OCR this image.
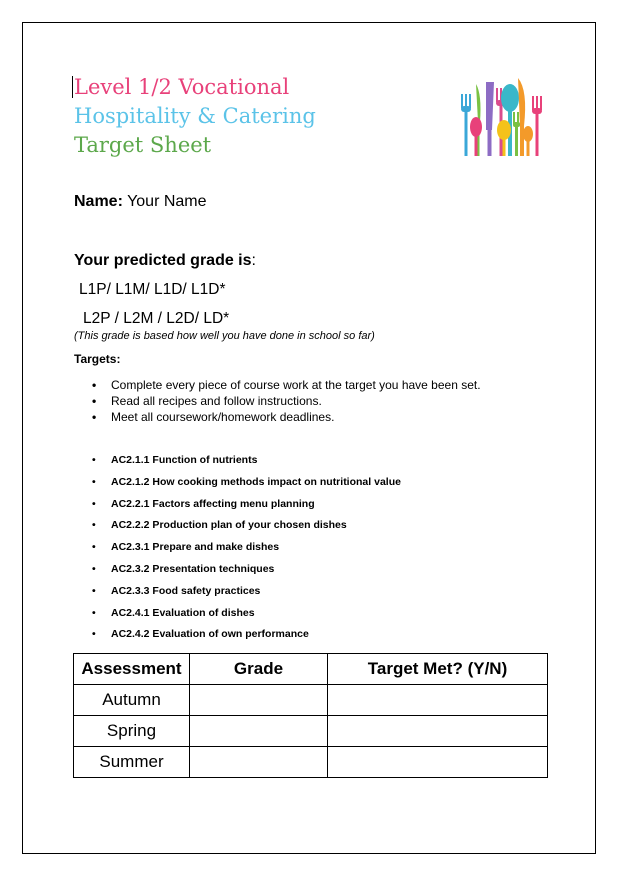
Level 1/2 Vocational
Hospitality & Catering
Target Sheet
Name: Your Name
Your predicted grade is:
L1P/ L1M/ L1D/ L1D*
L2P / L2M / L2D/ LD*
(This grade is based how well you have done in school so far)
Targets:
• Complete every piece of course work at the target you have been set.
• Read all recipes and follow instructions.
• Meet all coursework/homework deadlines.
• AC2.1.1 Function of nutrients
• AC2.1.2 How cooking methods impact on nutritional value
• AC2.2.1 Factors affecting menu planning
• AC2.2.2 Production plan of your chosen dishes
• AC2.3.1 Prepare and make dishes
• AC2.3.2 Presentation techniques
• AC2.3.3 Food safety practices
• AC2.4.1 Evaluation of dishes
• AC2.4.2 Evaluation of own performance
Assessment	Grade	Target Met? (Y/N)
Autumn		
Spring		
Summer		
